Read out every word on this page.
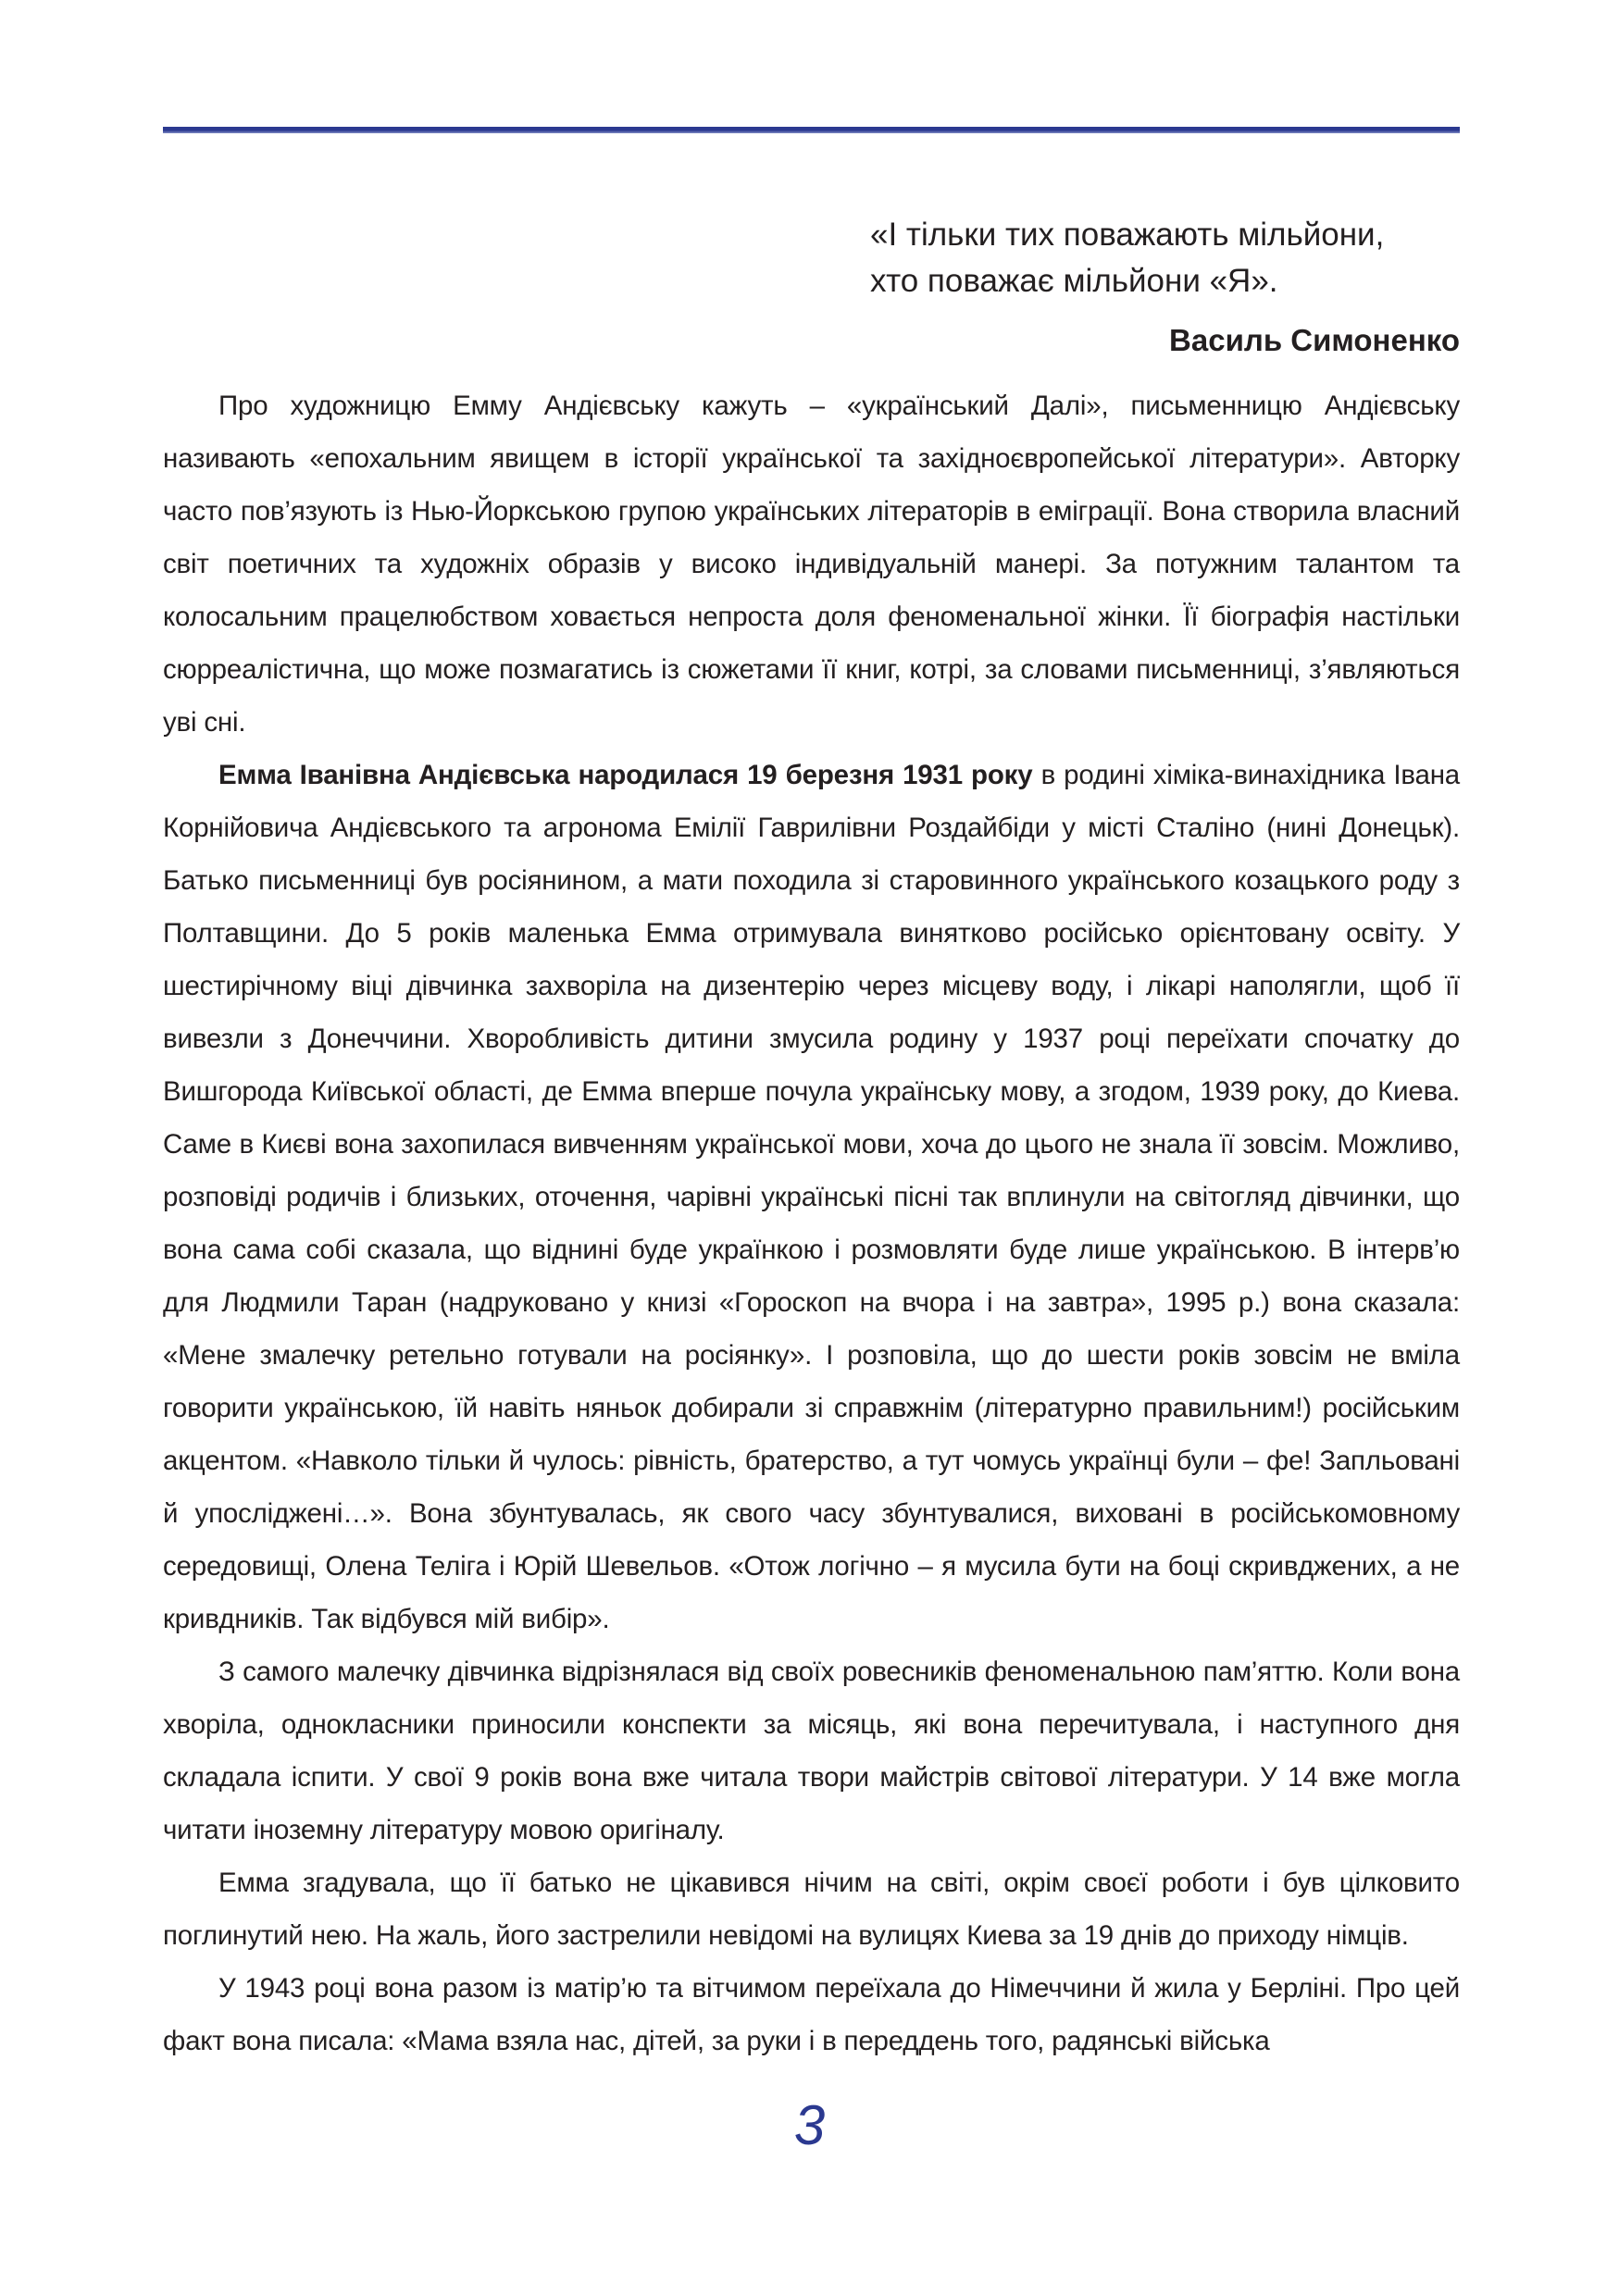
«І тільки тих поважають мільйони,
хто поважає мільйони «Я».
Василь Симоненко

Про художницю Емму Андієвську кажуть – «український Далі», письменницю Андієвську називають «епохальним явищем в історії української та західноєвропейської літератури». Авторку часто пов’язують із Нью-Йоркською групою українських літераторів в еміграції. Вона створила власний світ поетичних та художніх образів у високо індивідуальній манері. За потужним талантом та колосальним працелюбством ховається непроста доля феноменальної жінки. Її біографія настільки сюрреалістична, що може позмагатись із сюжетами її книг, котрі, за словами письменниці, з’являються уві сні.

Емма Іванівна Андієвська народилася 19 березня 1931 року в родині хіміка-винахідника Івана Корнійовича Андієвського та агронома Емілії Гаврилівни Роздайбіди у місті Сталіно (нині Донецьк). Батько письменниці був росіянином, а мати походила зі старовинного українського козацького роду з Полтавщини. До 5 років маленька Емма отримувала винятково російсько орієнтовану освіту. У шестирічному віці дівчинка захворіла на дизентерію через місцеву воду, і лікарі наполягли, щоб її вивезли з Донеччини. Хворобливість дитини змусила родину у 1937 році переїхати спочатку до Вишгорода Київської області, де Емма вперше почула українську мову, а згодом, 1939 року, до Киева. Саме в Києві вона захопилася вивченням української мови, хоча до цього не знала її зовсім. Можливо, розповіді родичів і близьких, оточення, чарівні українські пісні так вплинули на світогляд дівчинки, що вона сама собі сказала, що віднині буде українкою і розмовляти буде лише українською. В інтерв’ю для Людмили Таран (надруковано у книзі «Гороскоп на вчора і на завтра», 1995 р.) вона сказала: «Мене змалечку ретельно готували на росіянку». І розповіла, що до шести років зовсім не вміла говорити українською, їй навіть няньок добирали зі справжнім (літературно правильним!) російським акцентом. «Навколо тільки й чулось: рівність, братерство, а тут чомусь українці були – фе! Запльовані й упосліджені…». Вона збунтувалась, як свого часу збунтувалися, виховані в російськомовному середовищі, Олена Теліга і Юрій Шевельов. «Отож логічно – я мусила бути на боці скривджених, а не кривдників. Так відбувся мій вибір».

З самого малечку дівчинка відрізнялася від своїх ровесників феноменальною пам’яттю. Коли вона хворіла, однокласники приносили конспекти за місяць, які вона перечитувала, і наступного дня складала іспити. У свої 9 років вона вже читала твори майстрів світової літератури. У 14 вже могла читати іноземну літературу мовою оригіналу.

Емма згадувала, що її батько не цікавився нічим на світі, окрім своєї роботи і був цілковито поглинутий нею. На жаль, його застрелили невідомі на вулицях Киева за 19 днів до приходу німців.

У 1943 році вона разом із матір’ю та вітчимом переїхала до Німеччини й жила у Берліні. Про цей факт вона писала: «Мама взяла нас, дітей, за руки і в переддень того, радянські війська

3
